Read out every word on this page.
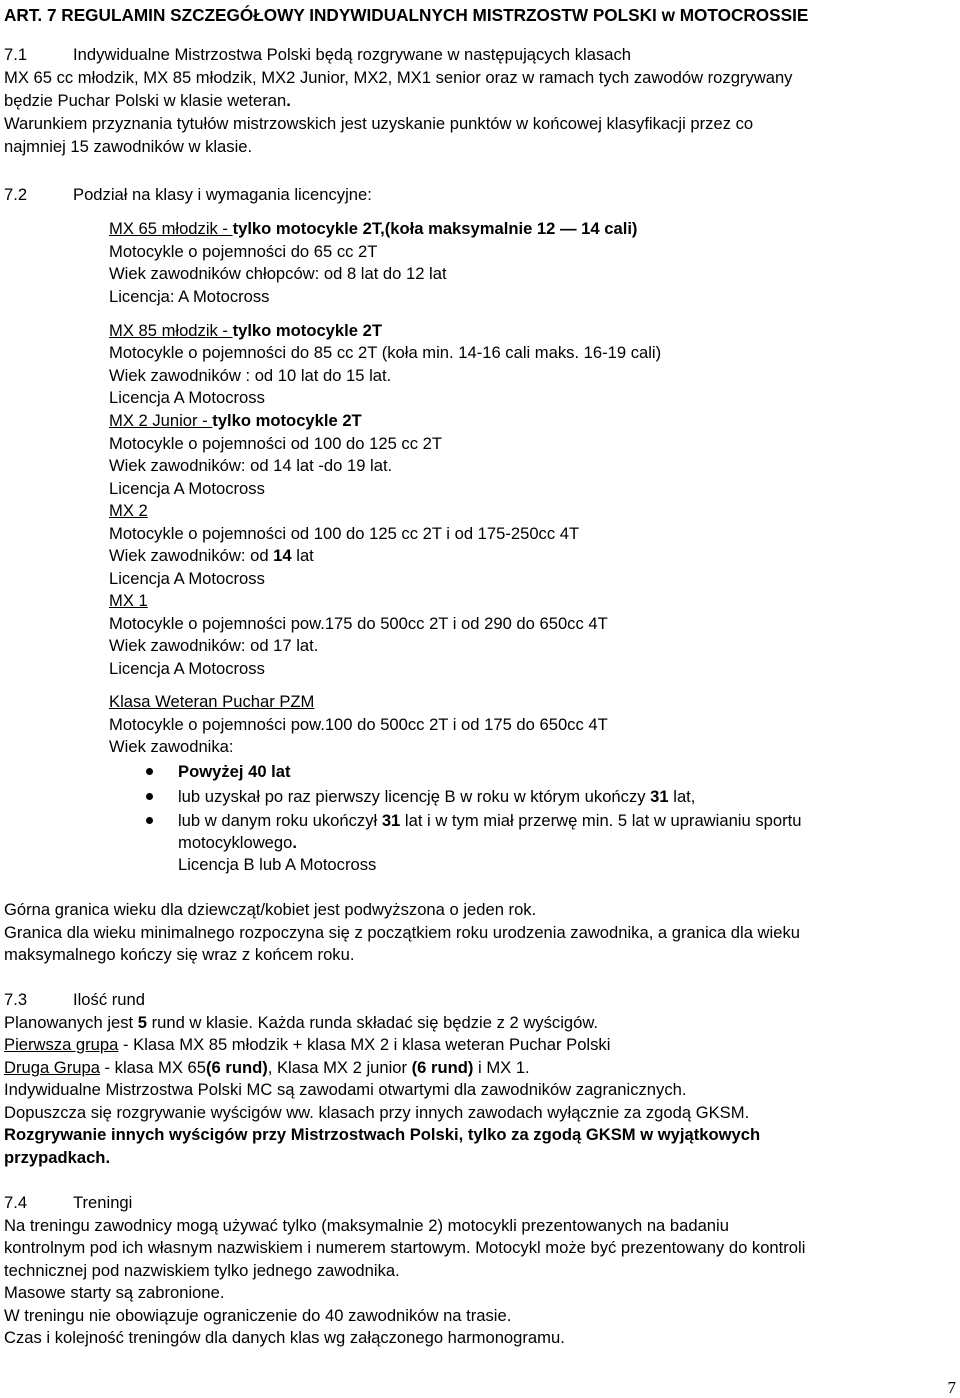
ART. 7 REGULAMIN SZCZEGÓŁOWY INDYWIDUALNYCH MISTRZOSTW POLSKI w MOTOCROSSIE
7.1	Indywidualne Mistrzostwa Polski będą rozgrywane w następujących klasach
MX 65 cc młodzik, MX 85 młodzik, MX2 Junior, MX2, MX1 senior oraz w ramach tych zawodów rozgrywany
będzie Puchar Polski w klasie weteran.
Warunkiem przyznania tytułów mistrzowskich jest uzyskanie punktów w końcowej klasyfikacji przez co
najmniej 15 zawodników w klasie.
7.2	Podział na klasy i wymagania licencyjne:
MX 65 młodzik - tylko motocykle 2T,(koła maksymalnie 12 — 14 cali)
Motocykle o pojemności do 65 cc 2T
Wiek zawodników chłopców: od 8 lat do 12 lat
Licencja: A Motocross
MX 85 młodzik - tylko motocykle 2T
Motocykle o pojemności do 85 cc 2T (koła min. 14-16 cali maks. 16-19 cali)
Wiek zawodników : od 10 lat do 15 lat.
Licencja A Motocross
MX 2 Junior - tylko motocykle 2T
Motocykle o pojemności od 100 do 125 cc 2T
Wiek zawodników: od 14 lat -do 19 lat.
Licencja A Motocross
MX 2
Motocykle o pojemności od 100 do 125 cc 2T i od 175-250cc 4T
Wiek zawodników: od 14 lat
Licencja A Motocross
MX 1
Motocykle o pojemności pow.175 do 500cc 2T i od 290 do 650cc 4T
Wiek zawodników: od 17 lat.
Licencja A Motocross
Klasa Weteran Puchar PZM
Motocykle o pojemności pow.100 do 500cc 2T i od 175 do 650cc 4T
Wiek zawodnika:
Powyżej 40 lat
lub uzyskał po raz pierwszy licencję B w roku w którym ukończy 31 lat,
lub w danym roku ukończył 31 lat i w tym miał przerwę min. 5 lat w uprawianiu sportu
motocyklowego.
Licencja B lub A Motocross
Górna granica wieku dla dziewcząt/kobiet jest podwyższona o jeden rok.
Granica dla wieku minimalnego rozpoczyna się z początkiem roku urodzenia zawodnika, a granica dla wieku
maksymalnego kończy się wraz z końcem roku.
7.3	Ilość rund
Planowanych jest 5 rund w klasie. Każda runda składać się będzie z 2 wyścigów.
Pierwsza grupa - Klasa MX 85 młodzik + klasa MX 2 i klasa weteran Puchar Polski
Druga Grupa - klasa MX 65(6 rund), Klasa MX 2 junior (6 rund) i MX 1.
Indywidualne Mistrzostwa Polski MC są zawodami otwartymi dla zawodników zagranicznych.
Dopuszcza się rozgrywanie wyścigów ww. klasach przy innych zawodach wyłącznie za zgodą GKSM.
Rozgrywanie innych wyścigów przy Mistrzostwach Polski, tylko za zgodą GKSM w wyjątkowych
przypadkach.
7.4	Treningi
Na treningu zawodnicy mogą używać tylko (maksymalnie 2) motocykli prezentowanych na badaniu
kontrolnym pod ich własnym nazwiskiem i numerem startowym. Motocykl może być prezentowany do kontroli
technicznej pod nazwiskiem tylko jednego zawodnika.
Masowe starty są zabronione.
W treningu nie obowiązuje ograniczenie do 40 zawodników na trasie.
Czas i kolejność treningów dla danych klas wg załączonego harmonogramu.
7
